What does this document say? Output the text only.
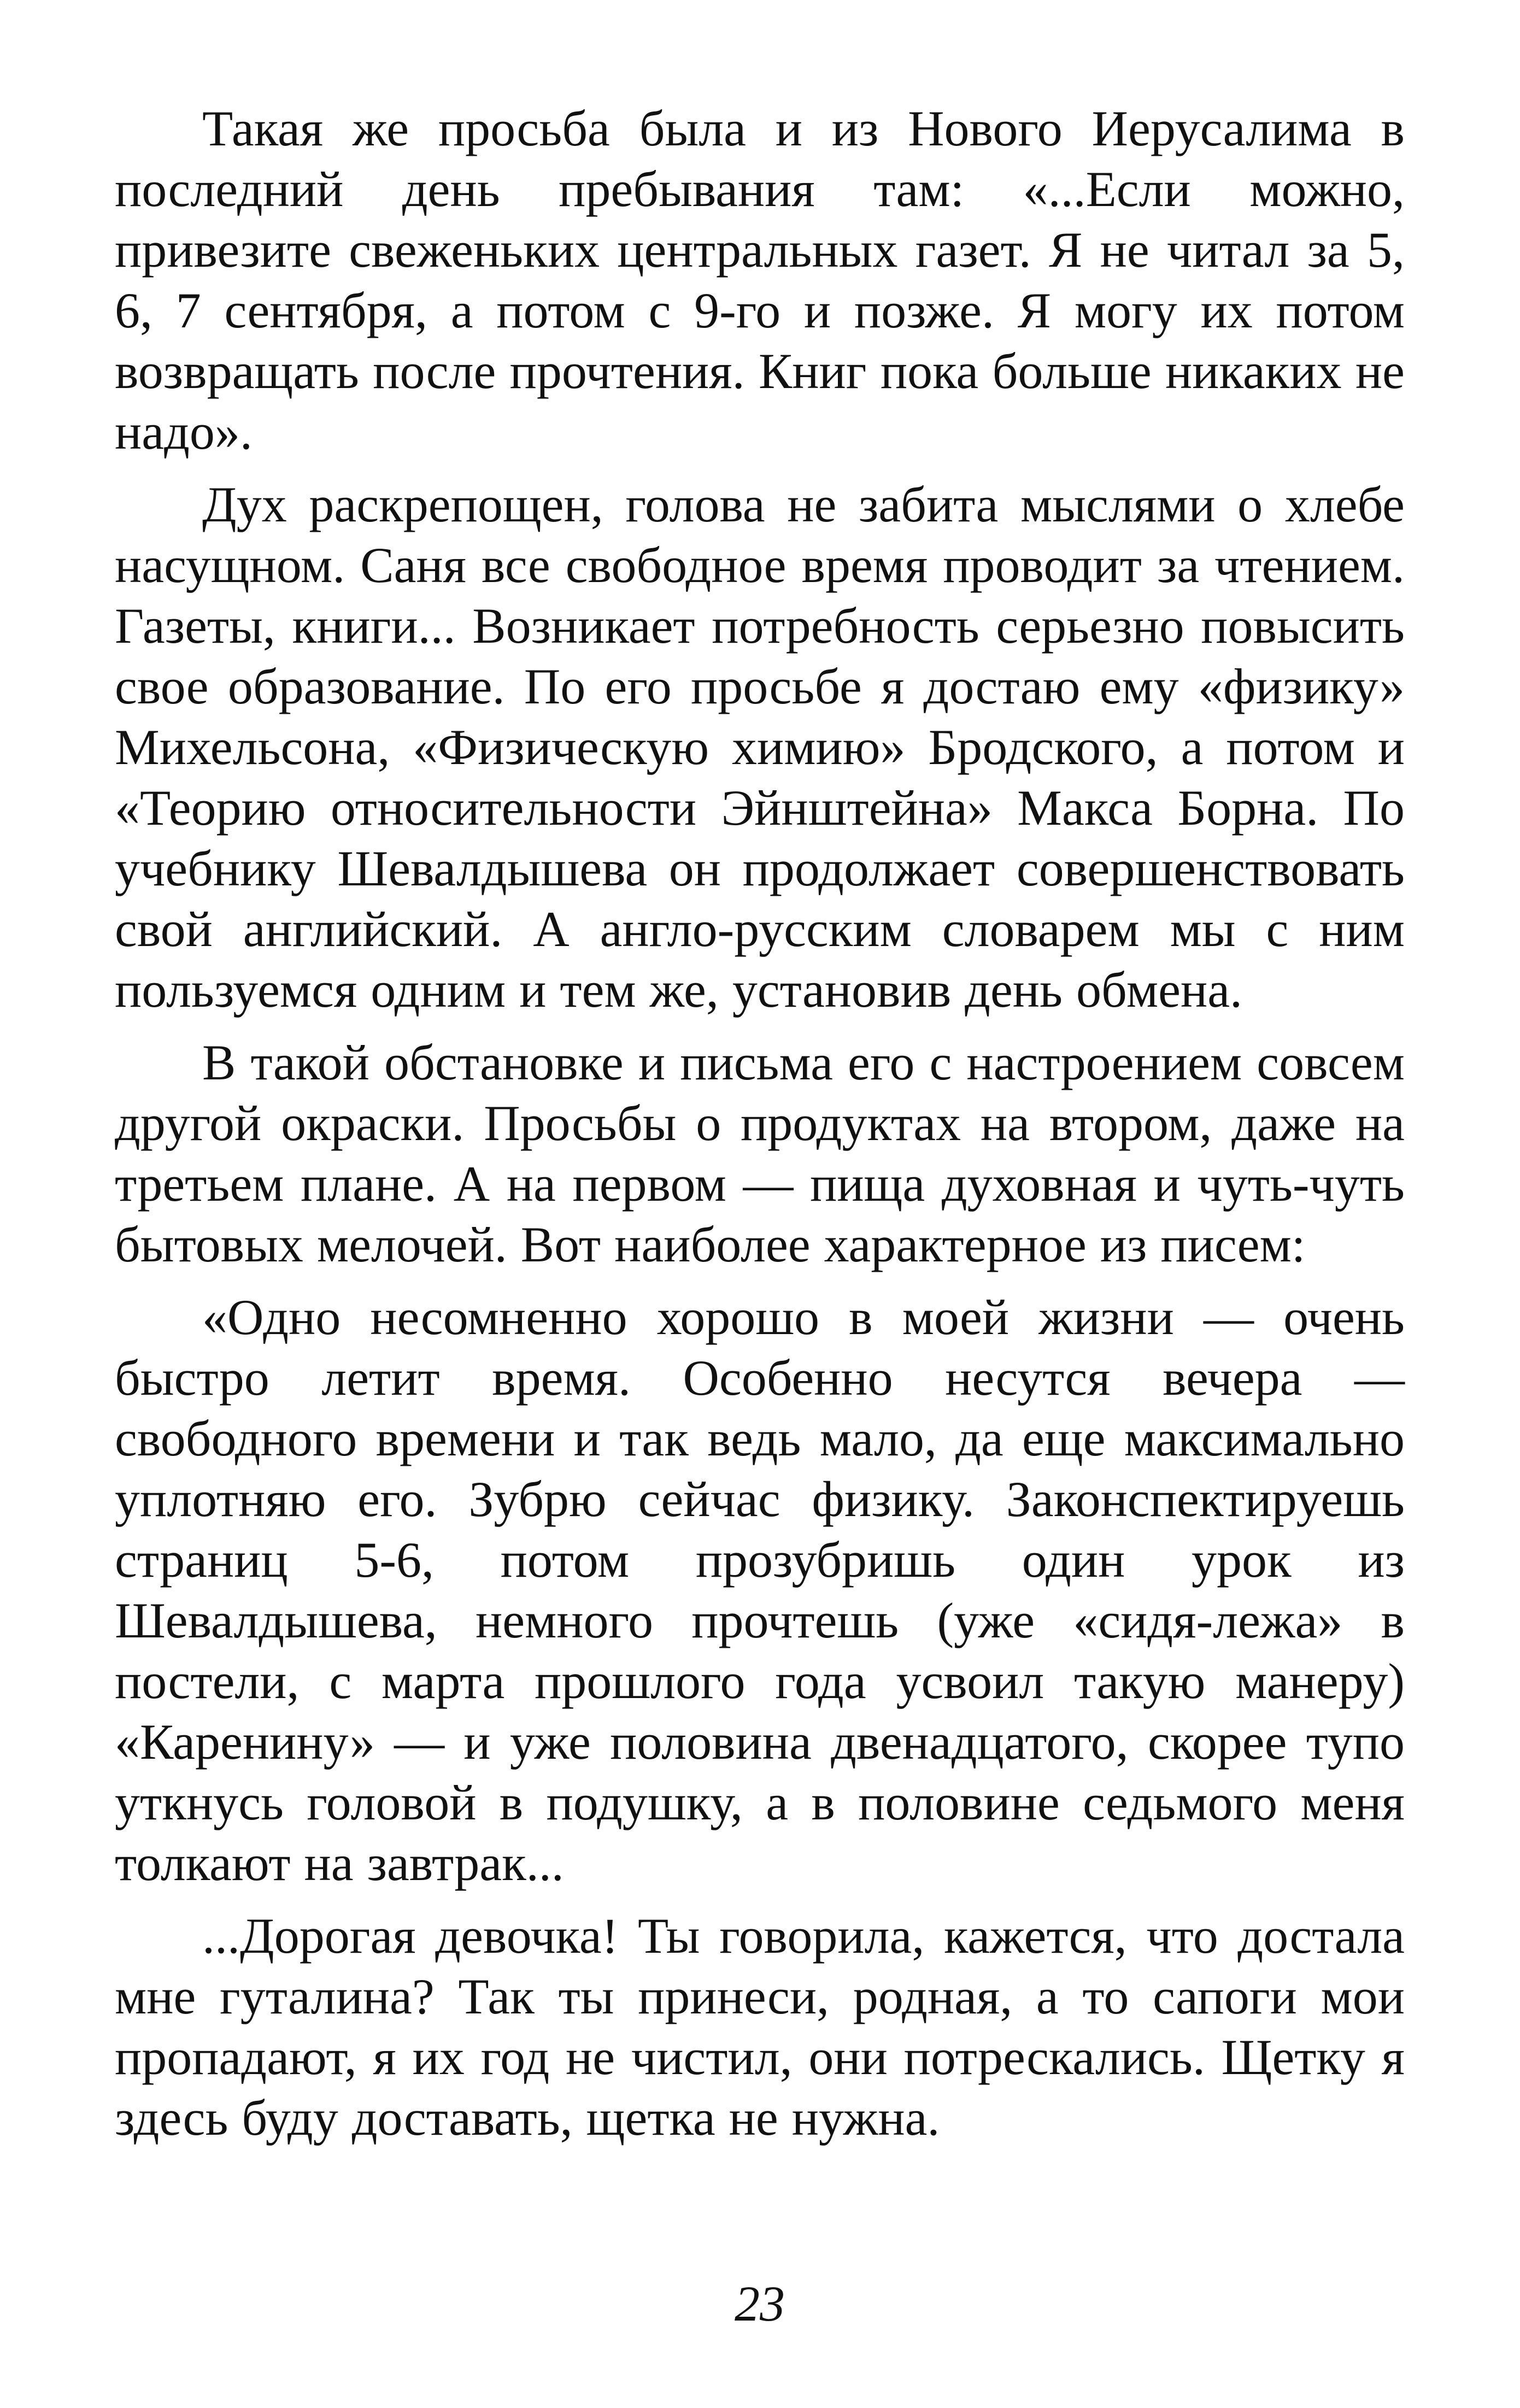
Такая же просьба была и из Нового Иерусалима в последний день пребывания там: «...Если можно, привезите свеженьких центральных газет. Я не читал за 5, 6, 7 сентября, а потом с 9-го и позже. Я могу их потом возвращать после прочтения. Книг пока больше никаких не надо».

Дух раскрепощен, голова не забита мыслями о хлебе насущном. Саня все свободное время проводит за чтением. Газеты, книги... Возникает потребность серьезно повысить свое образование. По его просьбе я достаю ему «физику» Михельсона, «Физическую химию» Бродского, а потом и «Теорию относительности Эйнштейна» Макса Борна. По учебнику Шевалдышева он продолжает совершенствовать свой английский. А англо-русским словарем мы с ним пользуемся одним и тем же, установив день обмена.

В такой обстановке и письма его с настроением совсем другой окраски. Просьбы о продуктах на втором, даже на третьем плане. А на первом — пища духовная и чуть-чуть бытовых мелочей. Вот наиболее характерное из писем:

«Одно несомненно хорошо в моей жизни — очень быстро летит время. Особенно несутся вечера — свободного времени и так ведь мало, да еще максимально уплотняю его. Зубрю сейчас физику. Законспектируешь страниц 5-6, потом прозубришь один урок из Шевалдышева, немного прочтешь (уже «сидя-лежа» в постели, с марта прошлого года усвоил такую манеру) «Каренину» — и уже половина двенадцатого, скорее тупо уткнусь головой в подушку, а в половине седьмого меня толкают на завтрак...

...Дорогая девочка! Ты говорила, кажется, что достала мне гуталина? Так ты принеси, родная, а то сапоги мои пропадают, я их год не чистил, они потрескались. Щетку я здесь буду доставать, щетка не нужна.

23
